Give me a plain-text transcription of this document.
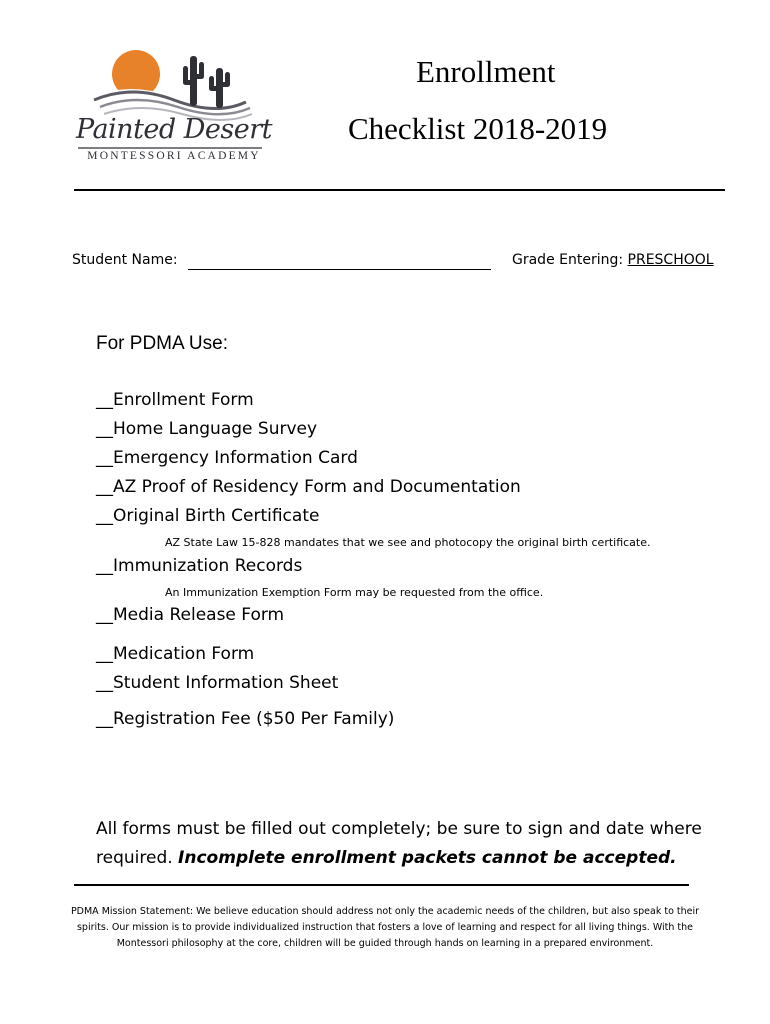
Painted Desert
MONTESSORI ACADEMY
Enrollment
Checklist 2018-2019
Student Name:	Grade Entering: PRESCHOOL
For PDMA Use:
__Enrollment Form
__Home Language Survey
__Emergency Information Card
__AZ Proof of Residency Form and Documentation
__Original Birth Certificate
AZ State Law 15-828 mandates that we see and photocopy the original birth certificate.
__Immunization Records
An Immunization Exemption Form may be requested from the office.
__Media Release Form
__Medication Form
__Student Information Sheet
__Registration Fee ($50 Per Family)
All forms must be filled out completely; be sure to sign and date where required. Incomplete enrollment packets cannot be accepted.
PDMA Mission Statement: We believe education should address not only the academic needs of the children, but also speak to their spirits. Our mission is to provide individualized instruction that fosters a love of learning and respect for all living things. With the Montessori philosophy at the core, children will be guided through hands on learning in a prepared environment.
